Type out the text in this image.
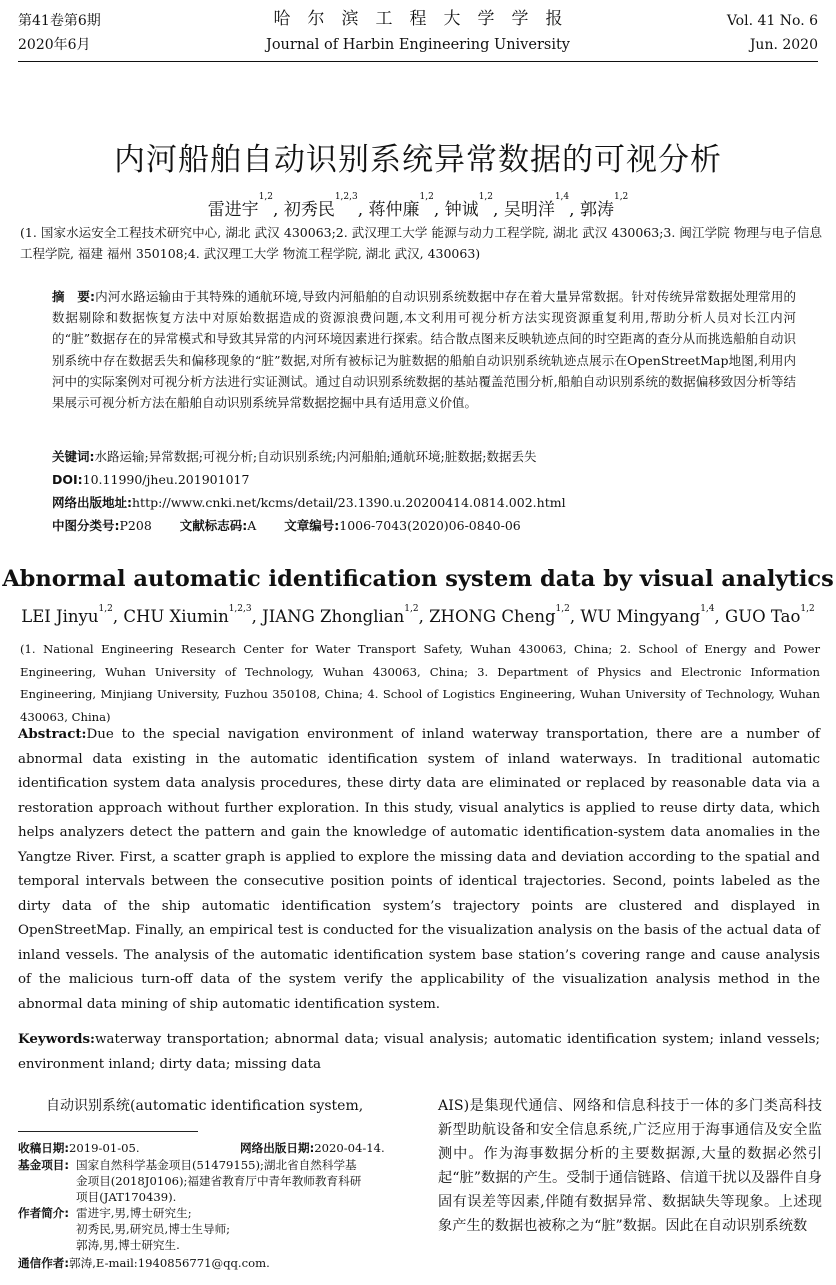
第41卷第6期
2020年6月
哈　尔　滨　工　程　大　学　学　报
Journal of Harbin Engineering University
Vol. 41 No. 6
Jun. 2020
内河船舶自动识别系统异常数据的可视分析
雷进宇$^{1,2}$, 初秀民$^{1,2,3}$, 蒋仲廉$^{1,2}$, 钟诚$^{1,2}$, 吴明洋$^{1,4}$, 郭涛$^{1,2}$
(1. 国家水运安全工程技术研究中心, 湖北 武汉 430063;2. 武汉理工大学 能源与动力工程学院, 湖北 武汉 430063;3. 闽江学院 物理与电子信息工程学院, 福建 福州 350108;4. 武汉理工大学 物流工程学院, 湖北 武汉, 430063)
摘　要:内河水路运输由于其特殊的通航环境,导致内河船舶的自动识别系统数据中存在着大量异常数据。针对传统异常数据处理常用的数据剔除和数据恢复方法中对原始数据造成的资源浪费问题,本文利用可视分析方法实现资源重复利用,帮助分析人员对长江内河的“脏”数据存在的异常模式和导致其异常的内河环境因素进行探索。结合散点图来反映轨迹点间的时空距离的查分从而挑选船舶自动识别系统中存在数据丢失和偏移现象的“脏”数据,对所有被标记为脏数据的船舶自动识别系统轨迹点展示在OpenStreetMap地图,利用内河中的实际案例对可视分析方法进行实证测试。通过自动识别系统数据的基站覆盖范围分析,船舶自动识别系统的数据偏移致因分析等结果展示可视分析方法在船舶自动识别系统异常数据挖掘中具有适用意义价值。
关键词:水路运输;异常数据;可视分析;自动识别系统;内河船舶;通航环境;脏数据;数据丢失
DOI:10.11990/jheu.201901017
网络出版地址:http://www.cnki.net/kcms/detail/23.1390.u.20200414.0814.002.html
中图分类号:P208 文献标志码:A 文章编号:1006-7043(2020)06-0840-06
Abnormal automatic identification system data by visual analytics
LEI Jinyu$^{1,2}$, CHU Xiumin$^{1,2,3}$, JIANG Zhonglian$^{1,2}$, ZHONG Cheng$^{1,2}$, WU Mingyang$^{1,4}$, GUO Tao$^{1,2}$
(1. National Engineering Research Center for Water Transport Safety, Wuhan 430063, China; 2. School of Energy and Power Engineering, Wuhan University of Technology, Wuhan 430063, China; 3. Department of Physics and Electronic Information Engineering, Minjiang University, Fuzhou 350108, China; 4. School of Logistics Engineering, Wuhan University of Technology, Wuhan 430063, China)
Abstract:Due to the special navigation environment of inland waterway transportation, there are a number of abnormal data existing in the automatic identification system of inland waterways. In traditional automatic identification system data analysis procedures, these dirty data are eliminated or replaced by reasonable data via a restoration approach without further exploration. In this study, visual analytics is applied to reuse dirty data, which helps analyzers detect the pattern and gain the knowledge of automatic identification-system data anomalies in the Yangtze River. First, a scatter graph is applied to explore the missing data and deviation according to the spatial and temporal intervals between the consecutive position points of identical trajectories. Second, points labeled as the dirty data of the ship automatic identification system’s trajectory points are clustered and displayed in OpenStreetMap. Finally, an empirical test is conducted for the visualization analysis on the basis of the actual data of inland vessels. The analysis of the automatic identification system base station’s covering range and cause analysis of the malicious turn-off data of the system verify the applicability of the visualization analysis method in the abnormal data mining of ship automatic identification system.
Keywords:waterway transportation; abnormal data; visual analysis; automatic identification system; inland vessels; environment inland; dirty data; missing data
自动识别系统(automatic identification system,	AIS)是集现代通信、网络和信息科技于一体的多门类高科技新型助航设备和安全信息系统,广泛应用于海事通信及安全监测中。作为海事数据分析的主要数据源,大量的数据必然引起“脏”数据的产生。受制于通信链路、信道干扰以及器件自身固有误差等因素,伴随有数据异常、数据缺失等现象。上述现象产生的数据也被称之为“脏”数据。因此在自动识别系统数
收稿日期:2019-01-05.	网络出版日期:2020-04-14.
基金项目: 国家自然科学基金项目(51479155);湖北省自然科学基
金项目(2018J0106);福建省教育厅中青年教师教育科研
项目(JAT170439).
作者简介: 雷进宇,男,博士研究生;
初秀民,男,研究员,博士生导师;
郭涛,男,博士研究生.
通信作者:郭涛,E-mail:1940856771@qq.com.
